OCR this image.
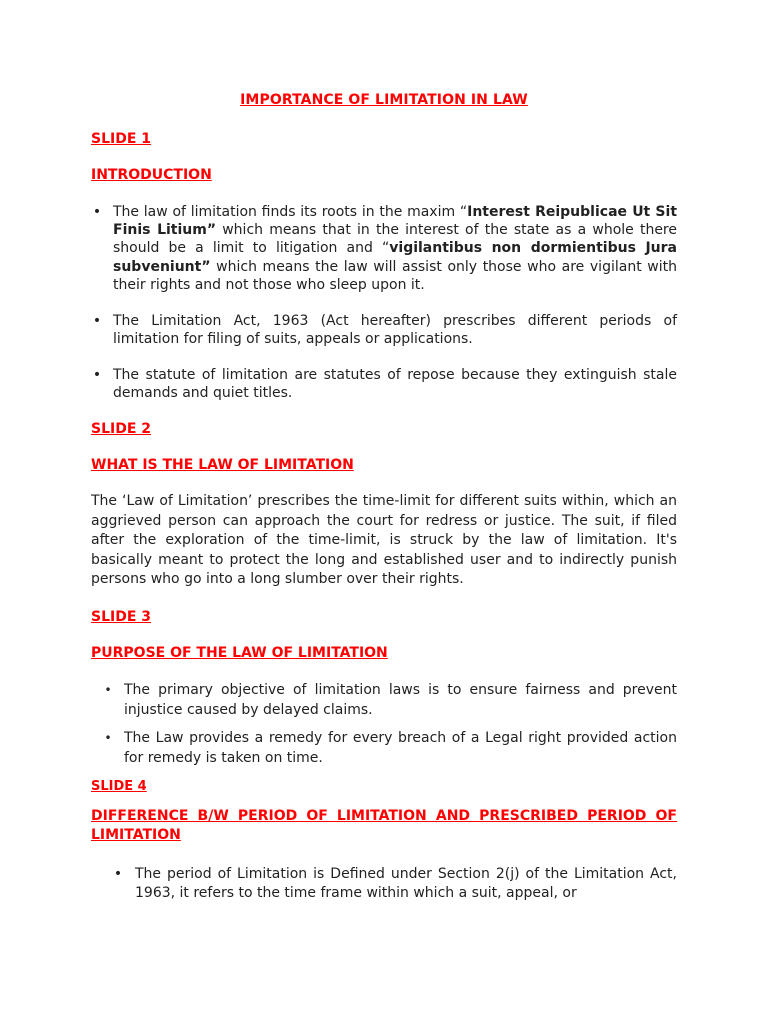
IMPORTANCE OF LIMITATION IN LAW
SLIDE 1
INTRODUCTION
• The law of limitation finds its roots in the maxim “Interest Reipublicae Ut Sit Finis Litium” which means that in the interest of the state as a whole there should be a limit to litigation and “vigilantibus non dormientibus Jura subveniunt” which means the law will assist only those who are vigilant with their rights and not those who sleep upon it.
• The Limitation Act, 1963 (Act hereafter) prescribes different periods of limitation for filing of suits, appeals or applications.
• The statute of limitation are statutes of repose because they extinguish stale demands and quiet titles.
SLIDE 2
WHAT IS THE LAW OF LIMITATION
The ‘Law of Limitation’ prescribes the time-limit for different suits within, which an aggrieved person can approach the court for redress or justice. The suit, if filed after the exploration of the time-limit, is struck by the law of limitation. It's basically meant to protect the long and established user and to indirectly punish persons who go into a long slumber over their rights.
SLIDE 3
PURPOSE OF THE LAW OF LIMITATION
• The primary objective of limitation laws is to ensure fairness and prevent injustice caused by delayed claims.
• The Law provides a remedy for every breach of a Legal right provided action for remedy is taken on time.
SLIDE 4
DIFFERENCE B/W PERIOD OF LIMITATION AND PRESCRIBED PERIOD OF LIMITATION
• The period of Limitation is Defined under Section 2(j) of the Limitation Act, 1963, it refers to the time frame within which a suit, appeal, or
